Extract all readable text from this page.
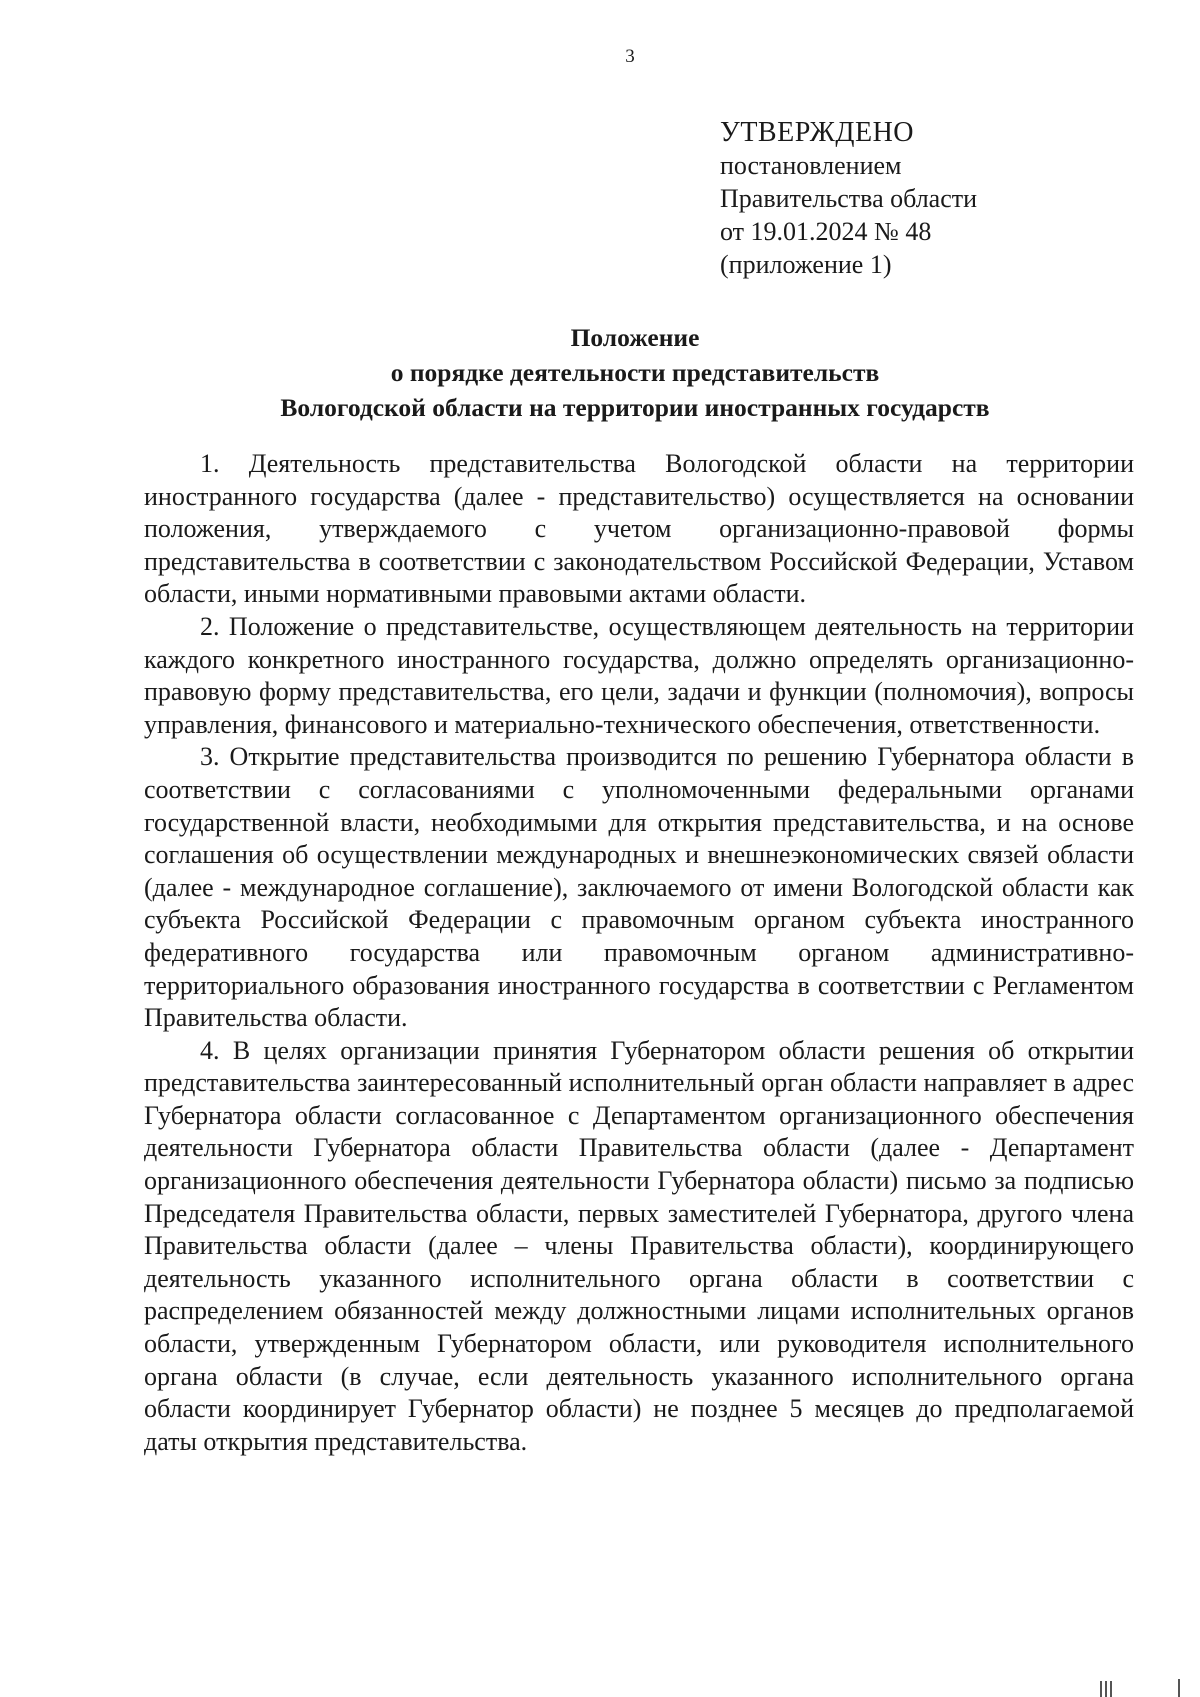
3
УТВЕРЖДЕНО
постановлением
Правительства области
от 19.01.2024 № 48
(приложение 1)
Положение
о порядке деятельности представительств
Вологодской области на территории иностранных государств

1. Деятельность представительства Вологодской области на территории иностранного государства (далее - представительство) осуществляется на основании положения, утверждаемого с учетом организационно-правовой формы представительства в соответствии с законодательством Российской Федерации, Уставом области, иными нормативными правовыми актами области.

2. Положение о представительстве, осуществляющем деятельность на территории каждого конкретного иностранного государства, должно определять организационно-правовую форму представительства, его цели, задачи и функции (полномочия), вопросы управления, финансового и материально-технического обеспечения, ответственности.

3. Открытие представительства производится по решению Губернатора области в соответствии с согласованиями с уполномоченными федеральными органами государственной власти, необходимыми для открытия представительства, и на основе соглашения об осуществлении международных и внешнеэкономических связей области (далее - международное соглашение), заключаемого от имени Вологодской области как субъекта Российской Федерации с правомочным органом субъекта иностранного федеративного государства или правомочным органом административно-территориального образования иностранного государства в соответствии с Регламентом Правительства области.

4. В целях организации принятия Губернатором области решения об открытии представительства заинтересованный исполнительный орган области направляет в адрес Губернатора области согласованное с Департаментом организационного обеспечения деятельности Губернатора области Правительства области (далее - Департамент организационного обеспечения деятельности Губернатора области) письмо за подписью Председателя Правительства области, первых заместителей Губернатора, другого члена Правительства области (далее – члены Правительства области), координирующего деятельность указанного исполнительного органа области в соответствии с распределением обязанностей между должностными лицами исполнительных органов области, утвержденным Губернатором области, или руководителя исполнительного органа области (в случае, если деятельность указанного исполнительного органа области координирует Губернатор области) не позднее 5 месяцев до предполагаемой даты открытия представительства.
